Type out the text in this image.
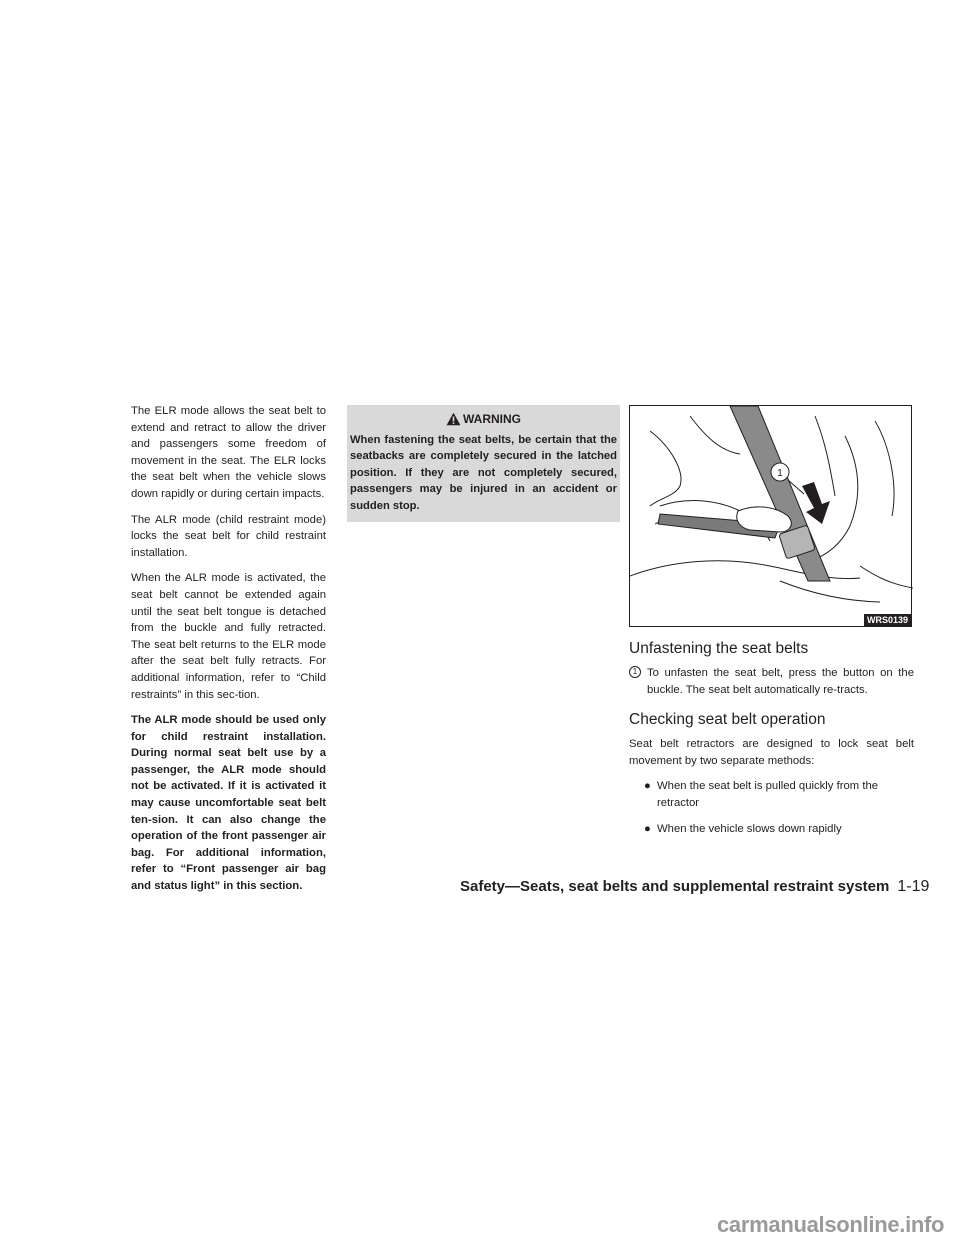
The ELR mode allows the seat belt to extend and retract to allow the driver and passengers some freedom of movement in the seat. The ELR locks the seat belt when the vehicle slows down rapidly or during certain impacts.

The ALR mode (child restraint mode) locks the seat belt for child restraint installation.

When the ALR mode is activated, the seat belt cannot be extended again until the seat belt tongue is detached from the buckle and fully retracted. The seat belt returns to the ELR mode after the seat belt fully retracts. For additional information, refer to “Child restraints” in this sec-tion.

The ALR mode should be used only for child restraint installation. During normal seat belt use by a passenger, the ALR mode should not be activated. If it is activated it may cause uncomfortable seat belt ten-sion. It can also change the operation of the front passenger air bag. For additional information, refer to “Front passenger air bag and status light” in this section.

WARNING

When fastening the seat belts, be certain that the seatbacks are completely secured in the latched position. If they are not completely secured, passengers may be injured in an accident or sudden stop.

1
WRS0139
Unfastening the seat belts
1 To unfasten the seat belt, press the button on the buckle. The seat belt automatically re-tracts.
Checking seat belt operation

Seat belt retractors are designed to lock seat belt movement by two separate methods:

● When the seat belt is pulled quickly from the retractor
● When the vehicle slows down rapidly
Safety—Seats, seat belts and supplemental restraint system 1-19
carmanualsonline.info
